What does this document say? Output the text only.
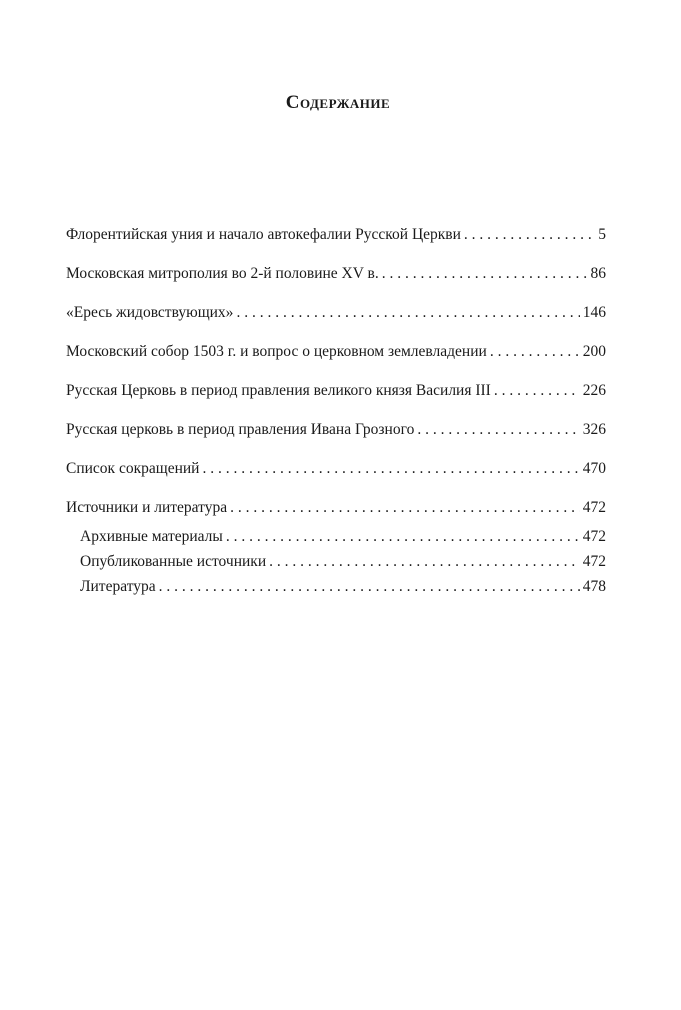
Содержание
Флорентийская уния и начало автокефалии Русской Церкви . . .	5
Московская митрополия во 2-й половине XV в. . . .	86
«Ересь жидовствующих» . . .	146
Московский собор 1503 г. и вопрос о церковном землевладении . . .	200
Русская Церковь в период правления великого князя Василия III . . .	226
Русская церковь в период правления Ивана Грозного . . .	326
Список сокращений . . .	470
Источники и литература . . .	472
Архивные материалы . . .	472
Опубликованные источники . . .	472
Литература . . .	478
